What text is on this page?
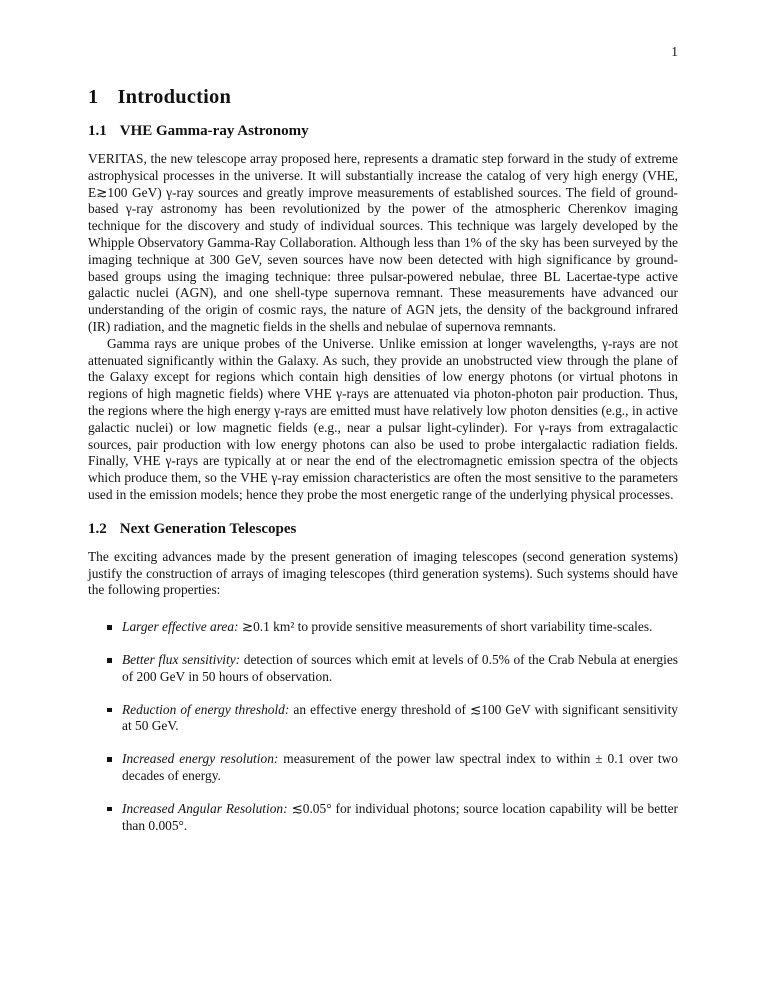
1
1 Introduction
1.1 VHE Gamma-ray Astronomy

VERITAS, the new telescope array proposed here, represents a dramatic step forward in the study of extreme astrophysical processes in the universe. It will substantially increase the catalog of very high energy (VHE, E≳100 GeV) γ-ray sources and greatly improve measurements of established sources. The field of ground-based γ-ray astronomy has been revolutionized by the power of the atmospheric Cherenkov imaging technique for the discovery and study of individual sources. This technique was largely developed by the Whipple Observatory Gamma-Ray Collaboration. Although less than 1% of the sky has been surveyed by the imaging technique at 300 GeV, seven sources have now been detected with high significance by ground-based groups using the imaging technique: three pulsar-powered nebulae, three BL Lacertae-type active galactic nuclei (AGN), and one shell-type supernova remnant. These measurements have advanced our understanding of the origin of cosmic rays, the nature of AGN jets, the density of the background infrared (IR) radiation, and the magnetic fields in the shells and nebulae of supernova remnants.

Gamma rays are unique probes of the Universe. Unlike emission at longer wavelengths, γ-rays are not attenuated significantly within the Galaxy. As such, they provide an unobstructed view through the plane of the Galaxy except for regions which contain high densities of low energy photons (or virtual photons in regions of high magnetic fields) where VHE γ-rays are attenuated via photon-photon pair production. Thus, the regions where the high energy γ-rays are emitted must have relatively low photon densities (e.g., in active galactic nuclei) or low magnetic fields (e.g., near a pulsar light-cylinder). For γ-rays from extragalactic sources, pair production with low energy photons can also be used to probe intergalactic radiation fields. Finally, VHE γ-rays are typically at or near the end of the electromagnetic emission spectra of the objects which produce them, so the VHE γ-ray emission characteristics are often the most sensitive to the parameters used in the emission models; hence they probe the most energetic range of the underlying physical processes.

1.2 Next Generation Telescopes

The exciting advances made by the present generation of imaging telescopes (second generation systems) justify the construction of arrays of imaging telescopes (third generation systems). Such systems should have the following properties:

Larger effective area: ≳0.1 km² to provide sensitive measurements of short variability time-scales.
Better flux sensitivity: detection of sources which emit at levels of 0.5% of the Crab Nebula at energies of 200 GeV in 50 hours of observation.
Reduction of energy threshold: an effective energy threshold of ≲100 GeV with significant sensitivity at 50 GeV.
Increased energy resolution: measurement of the power law spectral index to within ± 0.1 over two decades of energy.
Increased Angular Resolution: ≲0.05° for individual photons; source location capability will be better than 0.005°.
